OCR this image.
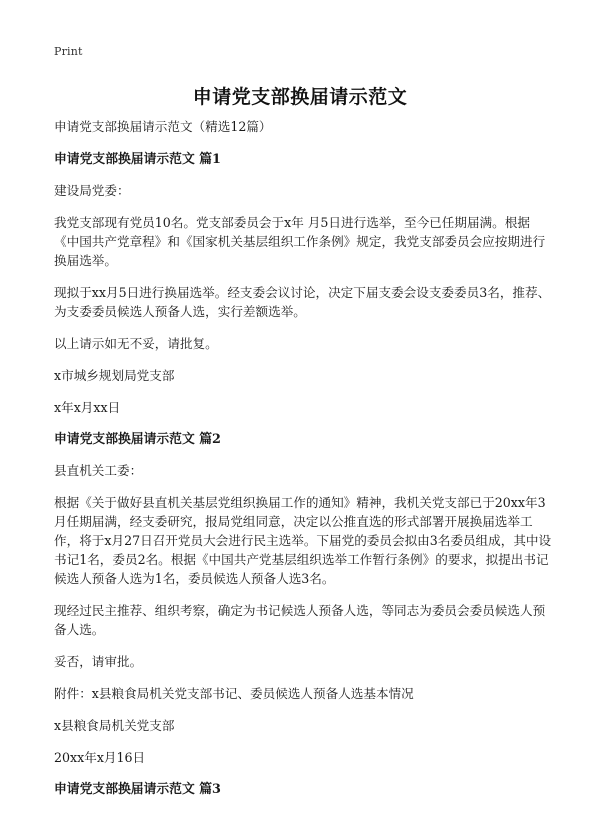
Print
申请党支部换届请示范文

申请党支部换届请示范文（精选12篇）

申请党支部换届请示范文 篇1

建设局党委：

我党支部现有党员10名。党支部委员会于x年 月5日进行选举，至今已任期届满。根据《中国共产党章程》和《国家机关基层组织工作条例》规定，我党支部委员会应按期进行换届选举。

现拟于xx月5日进行换届选举。经支委会议讨论，决定下届支委会设支委委员3名，推荐、为支委委员候选人预备人选，实行差额选举。

以上请示如无不妥，请批复。

x市城乡规划局党支部

x年x月xx日

申请党支部换届请示范文 篇2

县直机关工委：

根据《关于做好县直机关基层党组织换届工作的通知》精神，我机关党支部已于20xx年3月任期届满，经支委研究，报局党组同意，决定以公推直选的形式部署开展换届选举工作，将于x月27日召开党员大会进行民主选举。下届党的委员会拟由3名委员组成，其中设书记1名，委员2名。根据《中国共产党基层组织选举工作暂行条例》的要求，拟提出书记候选人预备人选为1名，委员候选人预备人选3名。

现经过民主推荐、组织考察，确定为书记候选人预备人选，等同志为委员会委员候选人预备人选。

妥否，请审批。

附件：x县粮食局机关党支部书记、委员候选人预备人选基本情况

x县粮食局机关党支部

20xx年x月16日

申请党支部换届请示范文 篇3
